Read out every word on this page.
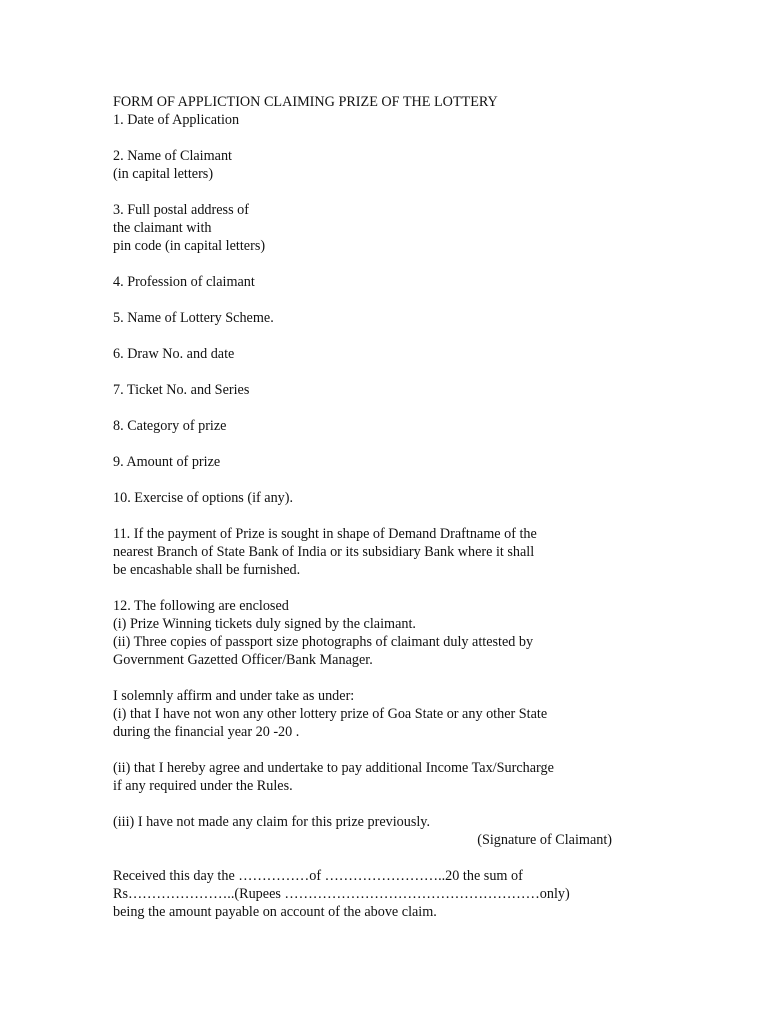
FORM OF APPLICTION CLAIMING PRIZE OF THE LOTTERY
1. Date of Application
2. Name of Claimant
(in capital letters)
3. Full postal address of
the claimant with
pin code (in capital letters)
4. Profession of claimant
5. Name of Lottery Scheme.
6. Draw No. and date
7. Ticket No. and Series
8. Category of prize
9. Amount of prize
10. Exercise of options (if any).
11. If the payment of Prize is sought in shape of Demand Draftname of the
nearest Branch of State Bank of India or its subsidiary Bank where it shall
be encashable shall be furnished.
12. The following are enclosed
(i) Prize Winning tickets duly signed by the claimant.
(ii) Three copies of passport size photographs of claimant duly attested by
Government Gazetted Officer/Bank Manager.
I solemnly affirm and under take as under:
(i) that I have not won any other lottery prize of Goa State or any other State
during the financial year 20 -20 .
(ii) that I hereby agree and undertake to pay additional Income Tax/Surcharge
if any required under the Rules.
(iii) I have not made any claim for this prize previously.
(Signature of Claimant)
Received this day the ……………of ……………………..20 the sum of
Rs…………………..(Rupees ………………………………………………only)
being the amount payable on account of the above claim.
